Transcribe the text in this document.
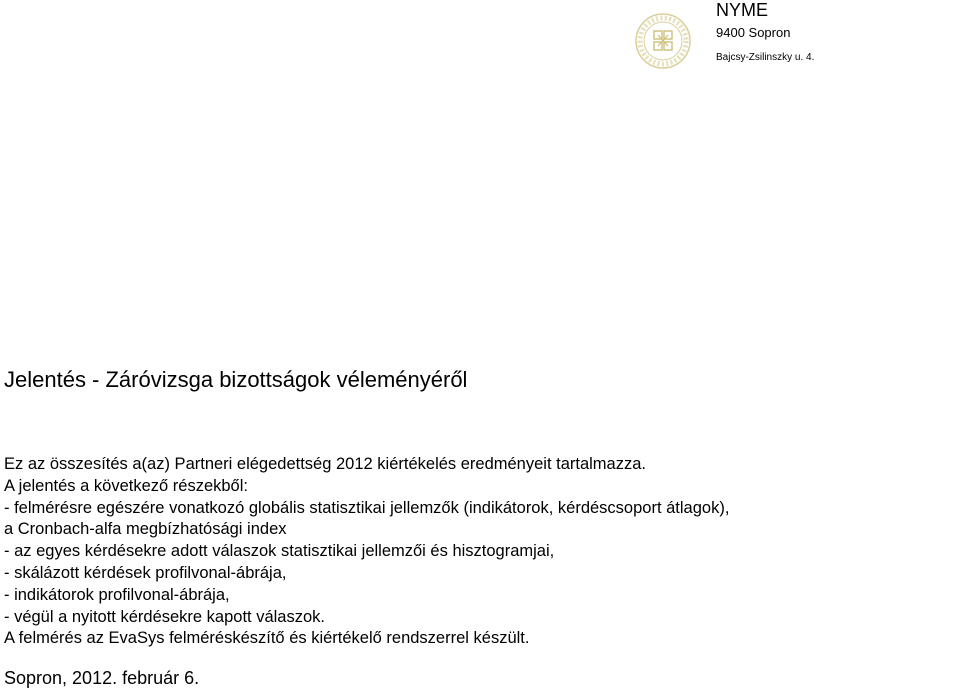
NYME
9400 Sopron
Bajcsy-Zsilinszky u. 4.
Jelentés - Záróvizsga bizottságok véleményéről
Ez az összesítés a(az) Partneri elégedettség 2012 kiértékelés eredményeit tartalmazza.
A jelentés a következő részekből:
- felmérésre egészére vonatkozó globális statisztikai jellemzők (indikátorok, kérdéscsoport átlagok),
a Cronbach-alfa megbízhatósági index
- az egyes kérdésekre adott válaszok statisztikai jellemzői és hisztogramjai,
- skálázott kérdések profilvonal-ábrája,
- indikátorok profilvonal-ábrája,
- végül a nyitott kérdésekre kapott válaszok.
A felmérés az EvaSys felméréskészítő és kiértékelő rendszerrel készült.
Sopron, 2012. február 6.
